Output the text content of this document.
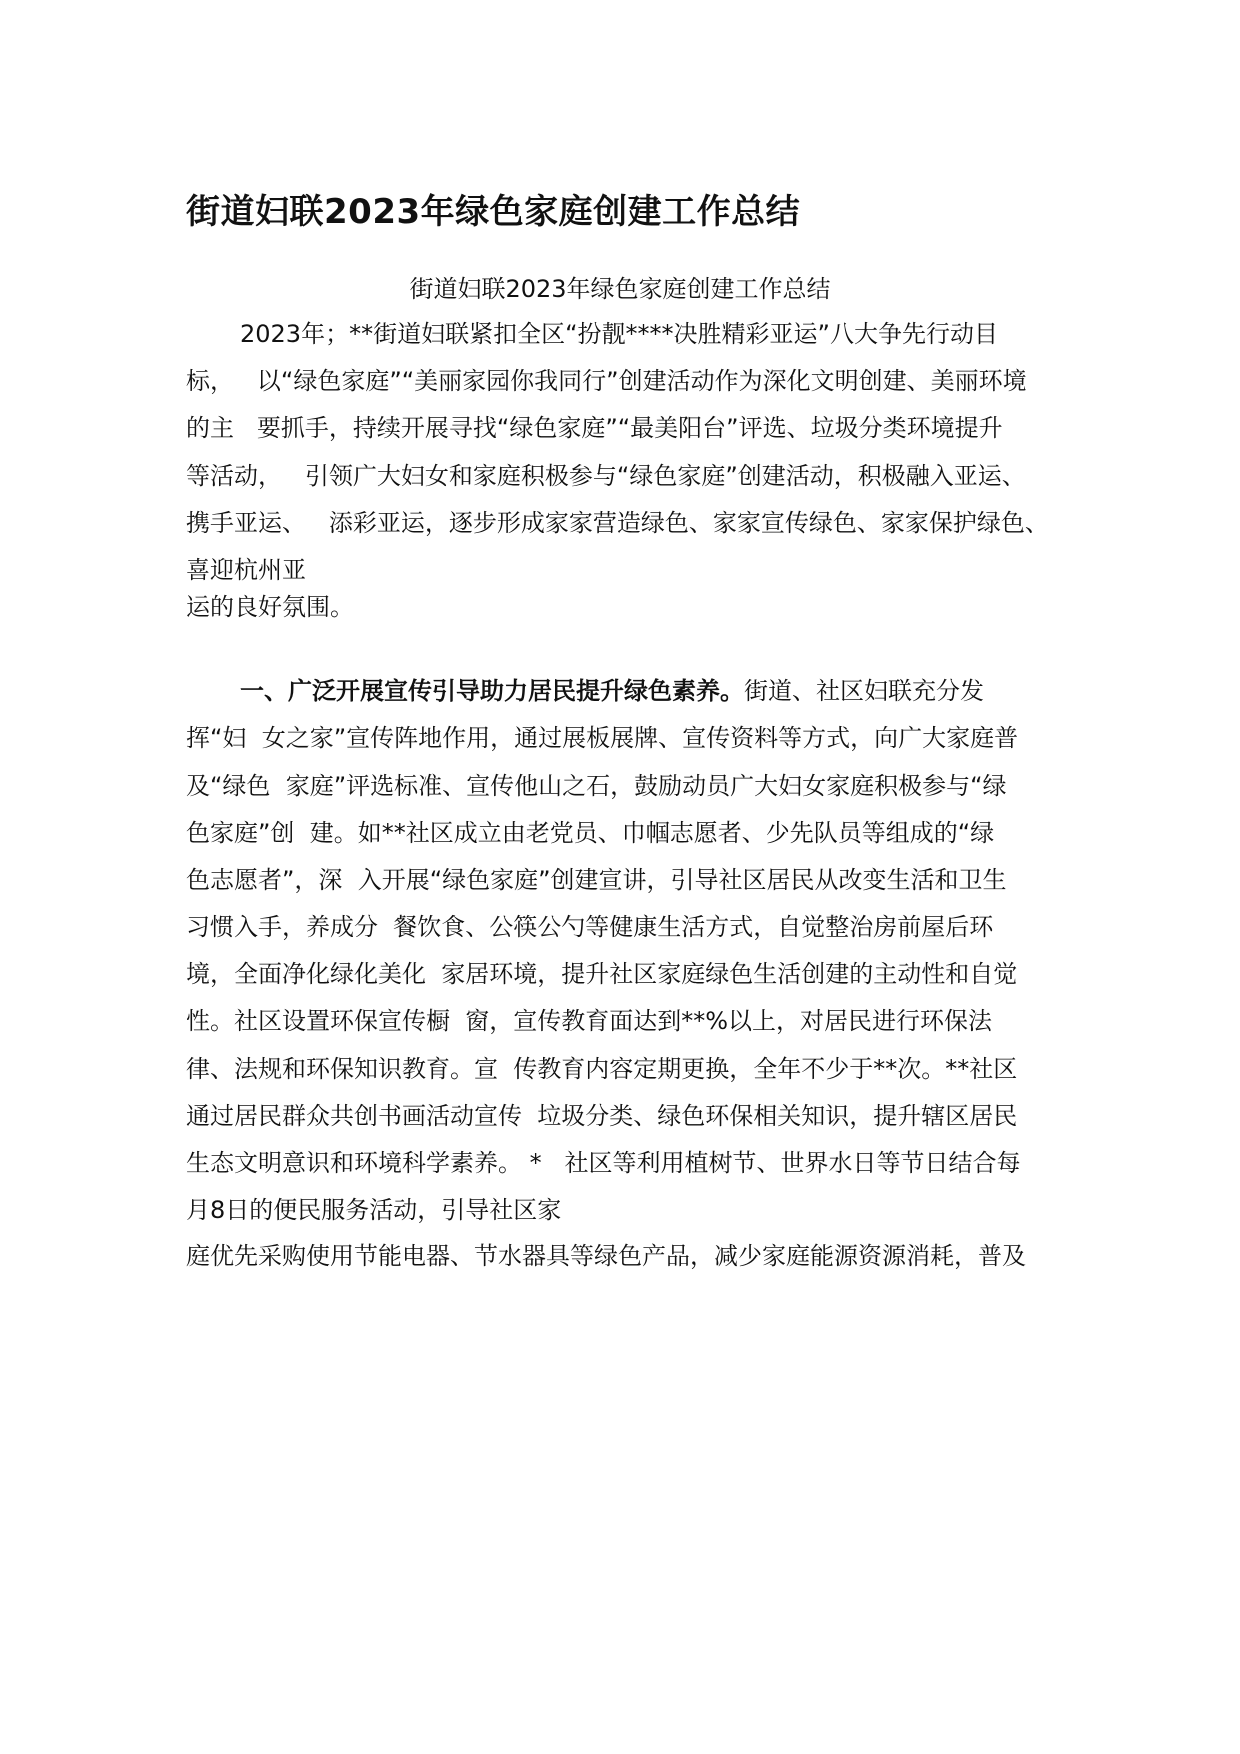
街道妇联2023年绿色家庭创建工作总结

街道妇联2023年绿色家庭创建工作总结

2023年；**街道妇联紧扣全区“扮靓****决胜精彩亚运”八大争先行动目

标，   以“绿色家庭”“美丽家园你我同行”创建活动作为深化文明创建、美丽环境

的主   要抓手，持续开展寻找“绿色家庭”“最美阳台”评选、垃圾分类环境提升

等活动，   引领广大妇女和家庭积极参与“绿色家庭”创建活动，积极融入亚运、

携手亚运、   添彩亚运，逐步形成家家营造绿色、家家宣传绿色、家家保护绿色、

喜迎杭州亚

运的良好氛围。

一、广泛开展宣传引导助力居民提升绿色素养。街道、社区妇联充分发

挥“妇  女之家”宣传阵地作用，通过展板展牌、宣传资料等方式，向广大家庭普

及“绿色  家庭”评选标准、宣传他山之石，鼓励动员广大妇女家庭积极参与“绿

色家庭”创  建。如**社区成立由老党员、巾帼志愿者、少先队员等组成的“绿

色志愿者”，深  入开展“绿色家庭”创建宣讲，引导社区居民从改变生活和卫生

习惯入手，养成分  餐饮食、公筷公勺等健康生活方式，自觉整治房前屋后环

境，全面净化绿化美化  家居环境，提升社区家庭绿色生活创建的主动性和自觉

性。社区设置环保宣传橱  窗，宣传教育面达到**%以上，对居民进行环保法

律、法规和环保知识教育。宣  传教育内容定期更换，全年不少于**次。**社区

通过居民群众共创书画活动宣传  垃圾分类、绿色环保相关知识，提升辖区居民

生态文明意识和环境科学素养。 *   社区等利用植树节、世界水日等节日结合每

月8日的便民服务活动，引导社区家

庭优先采购使用节能电器、节水器具等绿色产品，减少家庭能源资源消耗，普及
